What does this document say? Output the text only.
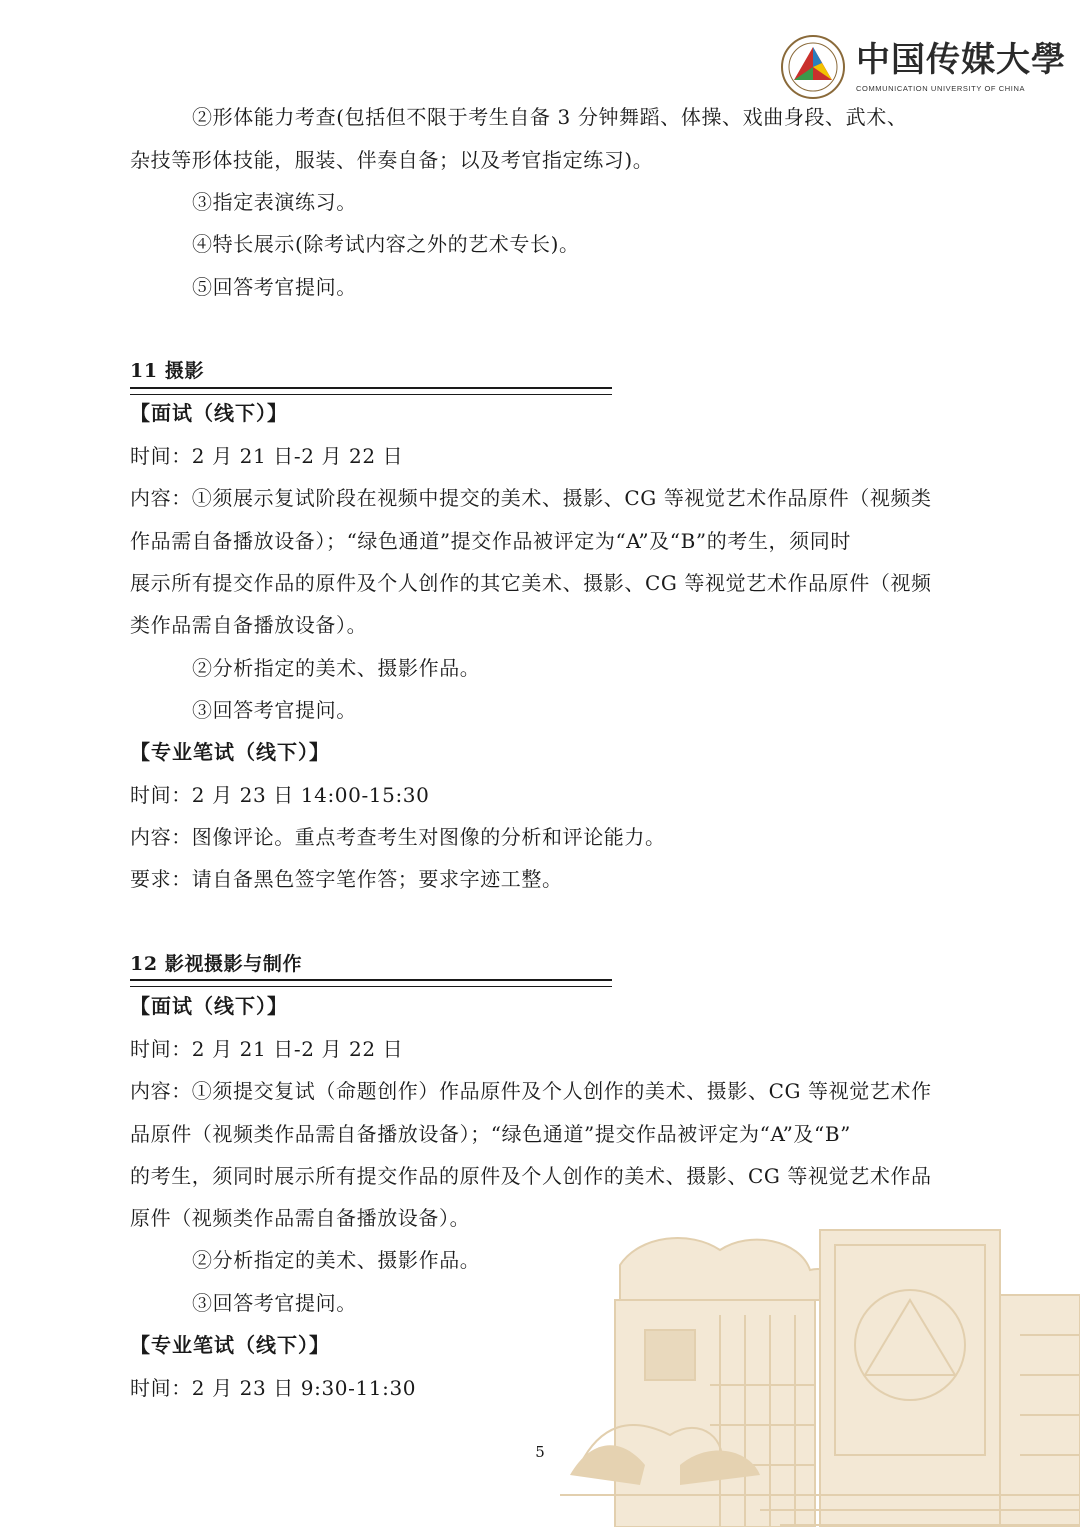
中国传媒大學
COMMUNICATION UNIVERSITY OF CHINA
②形体能力考查(包括但不限于考生自备 3 分钟舞蹈、体操、戏曲身段、武术、
杂技等形体技能，服装、伴奏自备；以及考官指定练习)。
③指定表演练习。
④特长展示(除考试内容之外的艺术专长)。
⑤回答考官提问。
11 摄影
【面试（线下）】
时间：2 月 21 日-2 月 22 日
内容：①须展示复试阶段在视频中提交的美术、摄影、CG 等视觉艺术作品原件（视频类
作品需自备播放设备）；“绿色通道”提交作品被评定为“A”及“B”的考生，须同时
展示所有提交作品的原件及个人创作的其它美术、摄影、CG 等视觉艺术作品原件（视频
类作品需自备播放设备）。
②分析指定的美术、摄影作品。
③回答考官提问。
【专业笔试（线下）】
时间：2 月 23 日 14:00-15:30
内容：图像评论。重点考查考生对图像的分析和评论能力。
要求：请自备黑色签字笔作答；要求字迹工整。
12 影视摄影与制作
【面试（线下）】
时间：2 月 21 日-2 月 22 日
内容：①须提交复试（命题创作）作品原件及个人创作的美术、摄影、CG 等视觉艺术作
品原件（视频类作品需自备播放设备）；“绿色通道”提交作品被评定为“A”及“B”
的考生，须同时展示所有提交作品的原件及个人创作的美术、摄影、CG 等视觉艺术作品
原件（视频类作品需自备播放设备）。
②分析指定的美术、摄影作品。
③回答考官提问。
【专业笔试（线下）】
时间：2 月 23 日 9:30-11:30
5
